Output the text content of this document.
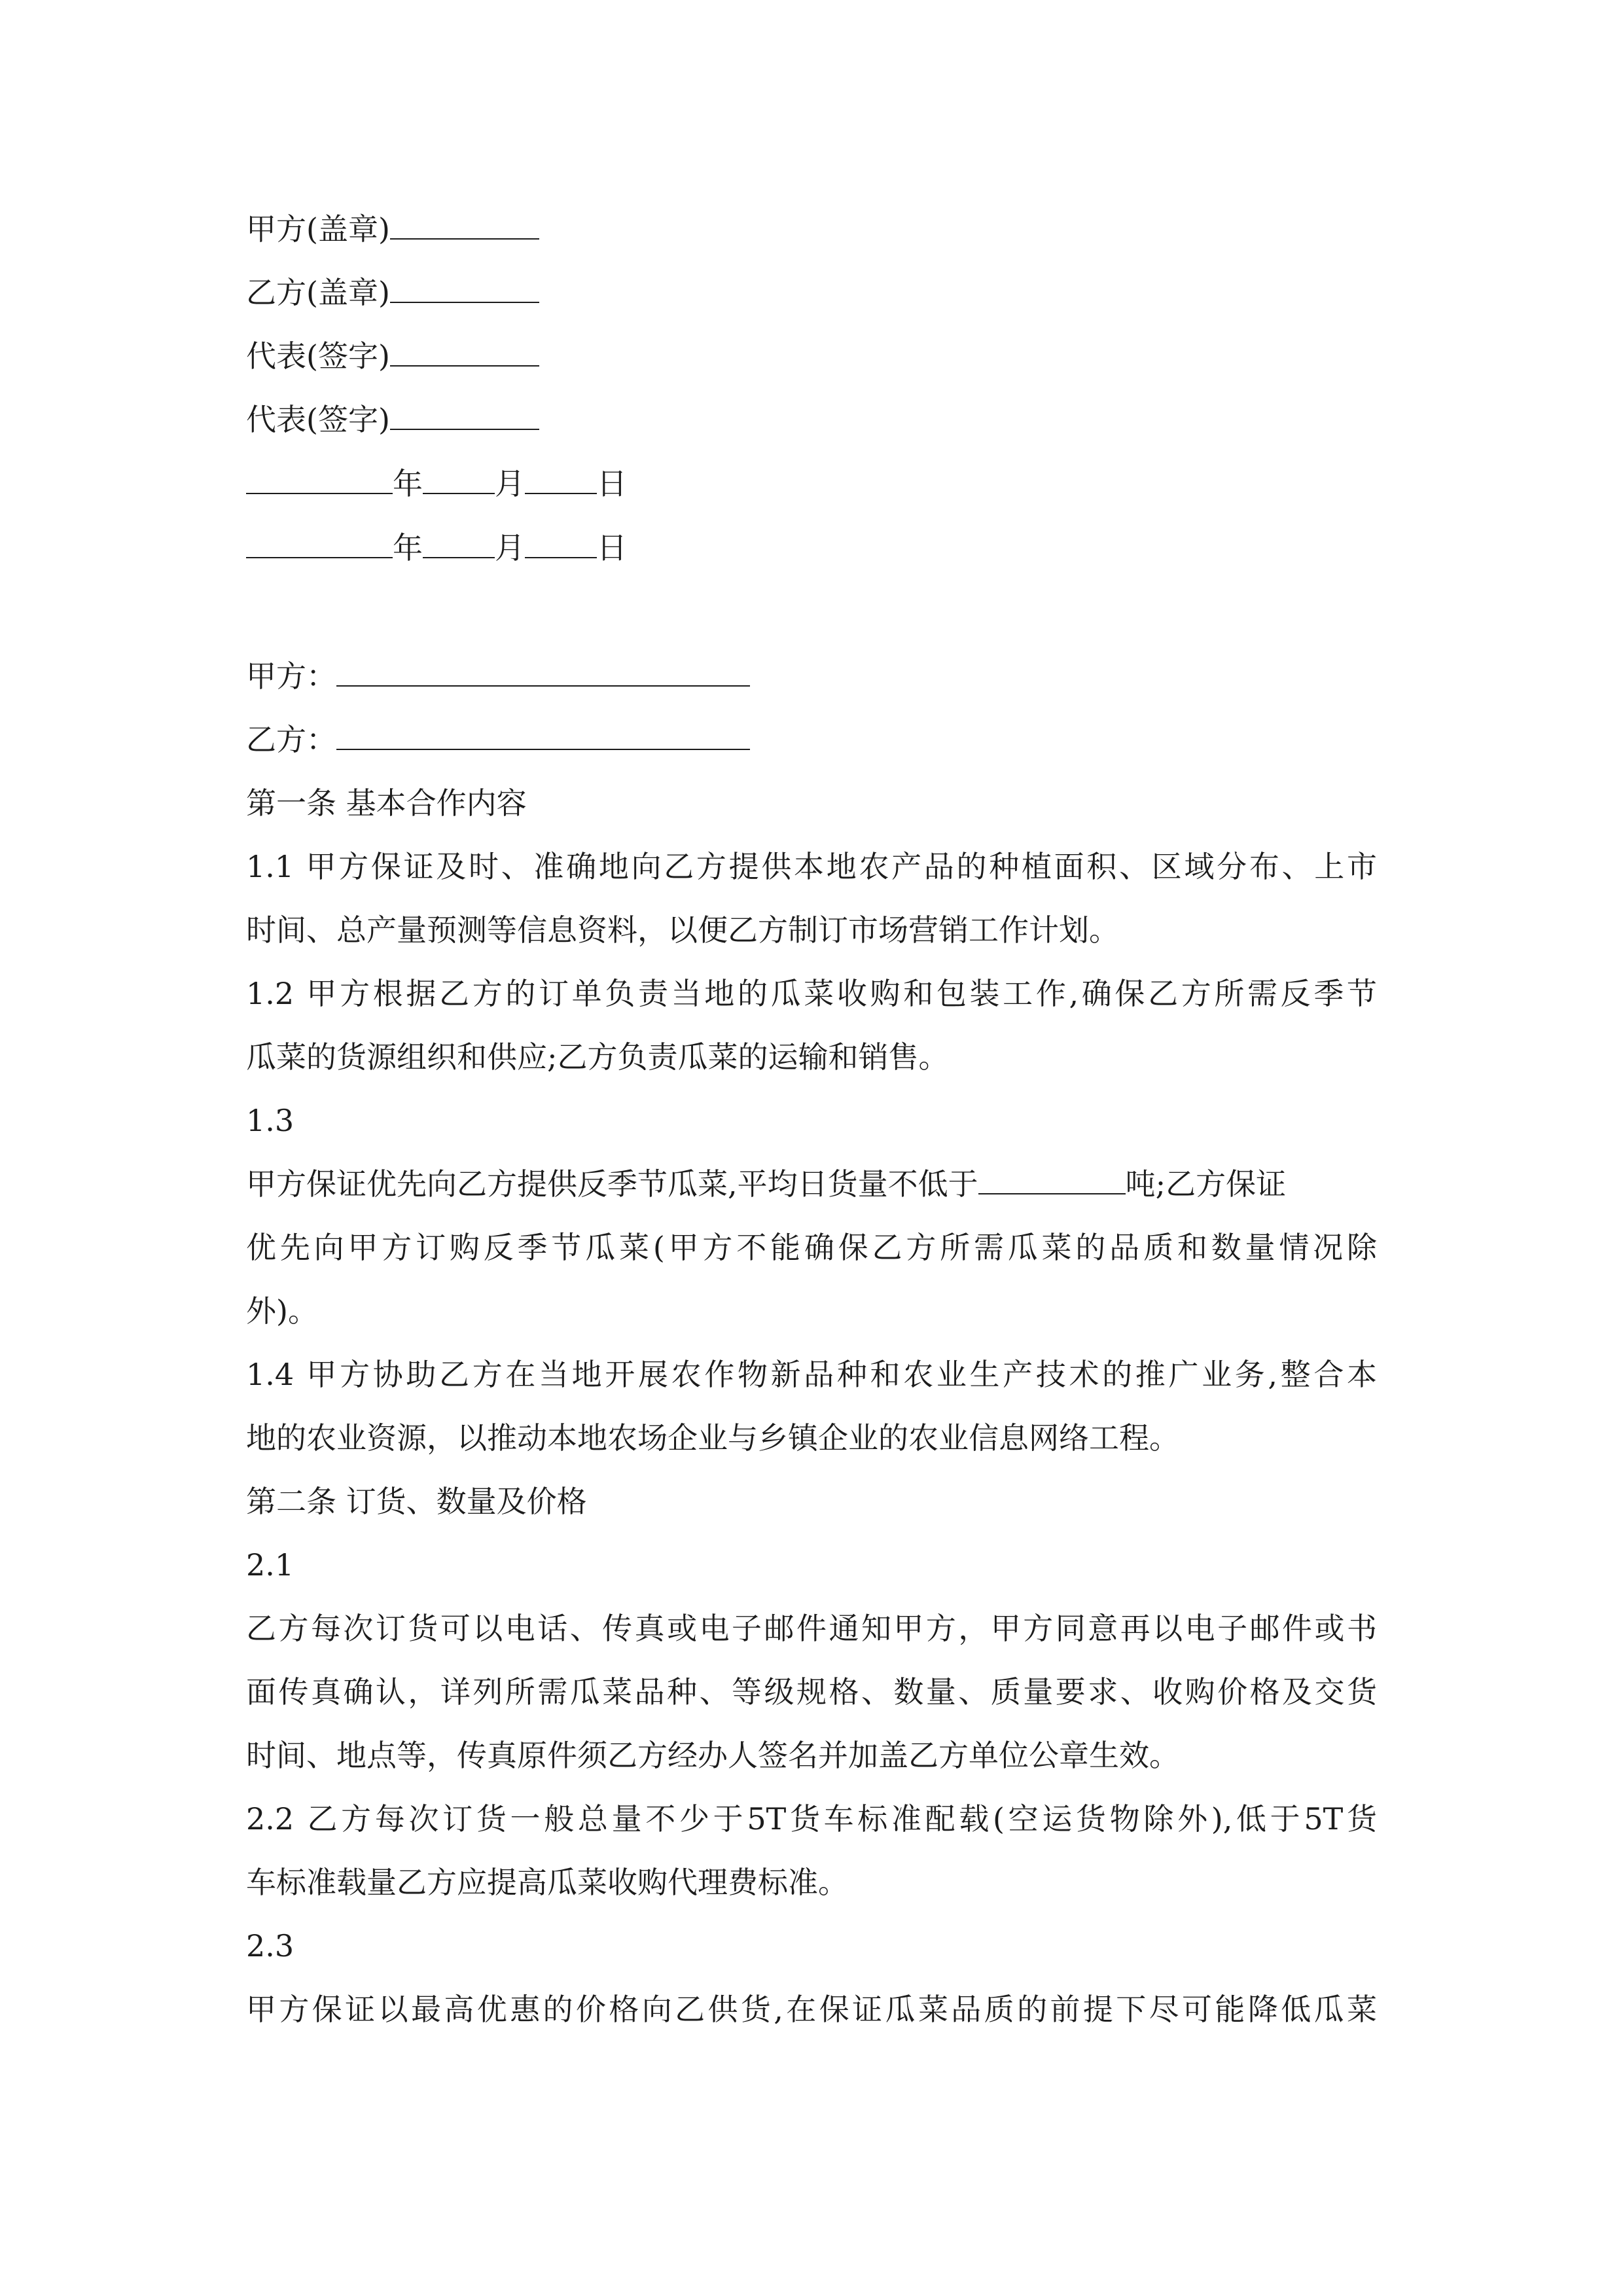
甲方(盖章)
乙方(盖章)
代表(签字)
代表(签字)
年 月 日
年 月 日
甲方：
乙方：
第一条 基本合作内容
1.1 甲方保证及时、准确地向乙方提供本地农产品的种植面积、区域分布、上市
时间、总产量预测等信息资料，以便乙方制订市场营销工作计划。
1.2 甲方根据乙方的订单负责当地的瓜菜收购和包装工作,确保乙方所需反季节
瓜菜的货源组织和供应;乙方负责瓜菜的运输和销售。
1.3
甲方保证优先向乙方提供反季节瓜菜,平均日货量不低于	吨;乙方保证
优先向甲方订购反季节瓜菜(甲方不能确保乙方所需瓜菜的品质和数量情况除
外)。
1.4 甲方协助乙方在当地开展农作物新品种和农业生产技术的推广业务,整合本
地的农业资源，以推动本地农场企业与乡镇企业的农业信息网络工程。
第二条 订货、数量及价格
2.1
乙方每次订货可以电话、传真或电子邮件通知甲方，甲方同意再以电子邮件或书
面传真确认，详列所需瓜菜品种、等级规格、数量、质量要求、收购价格及交货
时间、地点等，传真原件须乙方经办人签名并加盖乙方单位公章生效。
2.2 乙方每次订货一般总量不少于5T货车标准配载(空运货物除外),低于5T货
车标准载量乙方应提高瓜菜收购代理费标准。
2.3
甲方保证以最高优惠的价格向乙供货,在保证瓜菜品质的前提下尽可能降低瓜菜
